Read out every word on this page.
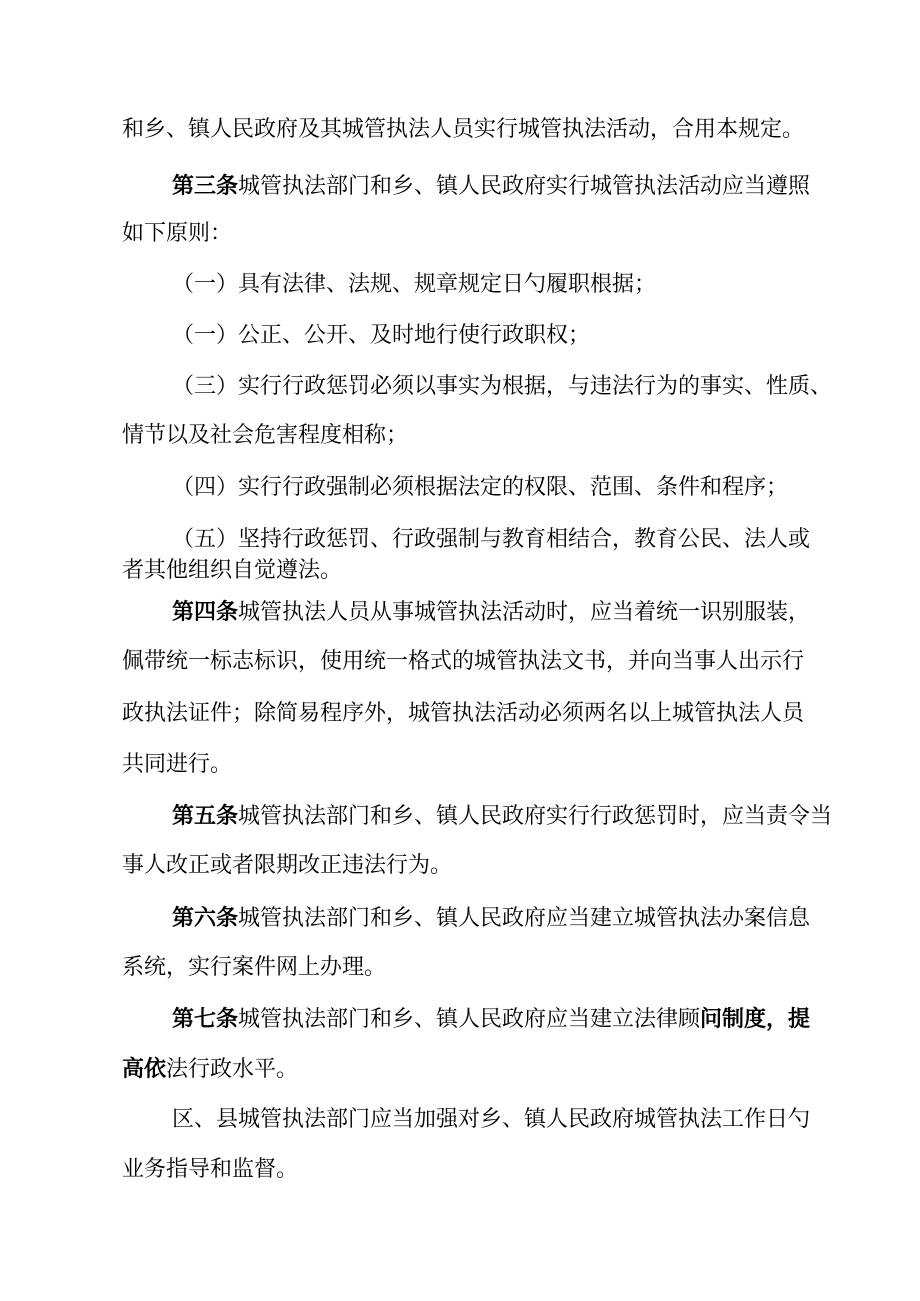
和乡、镇人民政府及其城管执法人员实行城管执法活动，合用本规定。
第三条城管执法部门和乡、镇人民政府实行城管执法活动应当遵照
如下原则：
（一）具有法律、法规、规章规定日勺履职根据；
（一）公正、公开、及时地行使行政职权；
（三）实行行政惩罚必须以事实为根据，与违法行为的事实、性质、
情节以及社会危害程度相称；
（四）实行行政强制必须根据法定的权限、范围、条件和程序；
（五）坚持行政惩罚、行政强制与教育相结合，教育公民、法人或
者其他组织自觉遵法。
第四条城管执法人员从事城管执法活动时，应当着统一识别服装，
佩带统一标志标识，使用统一格式的城管执法文书，并向当事人出示行
政执法证件；除简易程序外，城管执法活动必须两名以上城管执法人员
共同进行。
第五条城管执法部门和乡、镇人民政府实行行政惩罚时，应当责令当
事人改正或者限期改正违法行为。
第六条城管执法部门和乡、镇人民政府应当建立城管执法办案信息
系统，实行案件网上办理。
第七条城管执法部门和乡、镇人民政府应当建立法律顾问制度，提
高依法行政水平。
区、县城管执法部门应当加强对乡、镇人民政府城管执法工作日勺
业务指导和监督。
